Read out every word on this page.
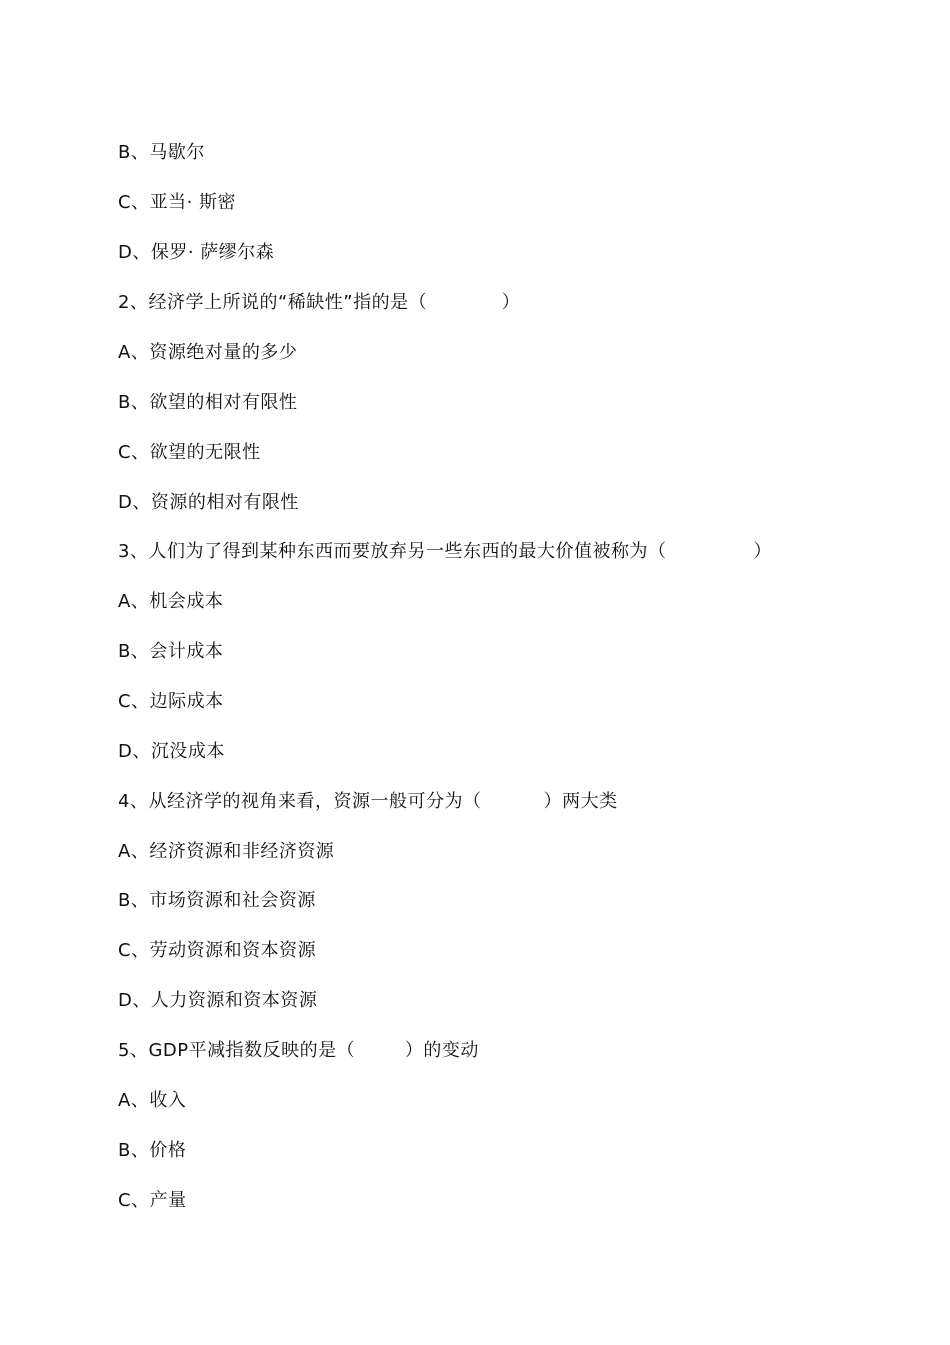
B、马歇尔
C、亚当· 斯密
D、保罗· 萨缪尔森
2、经济学上所说的“稀缺性”指的是（            ）
A、资源绝对量的多少
B、欲望的相对有限性
C、欲望的无限性
D、资源的相对有限性
3、人们为了得到某种东西而要放弃另一些东西的最大价值被称为（              ）
A、机会成本
B、会计成本
C、边际成本
D、沉没成本
4、从经济学的视角来看，资源一般可分为（          ）两大类
A、经济资源和非经济资源
B、市场资源和社会资源
C、劳动资源和资本资源
D、人力资源和资本资源
5、GDP平减指数反映的是（        ）的变动
A、收入
B、价格
C、产量
